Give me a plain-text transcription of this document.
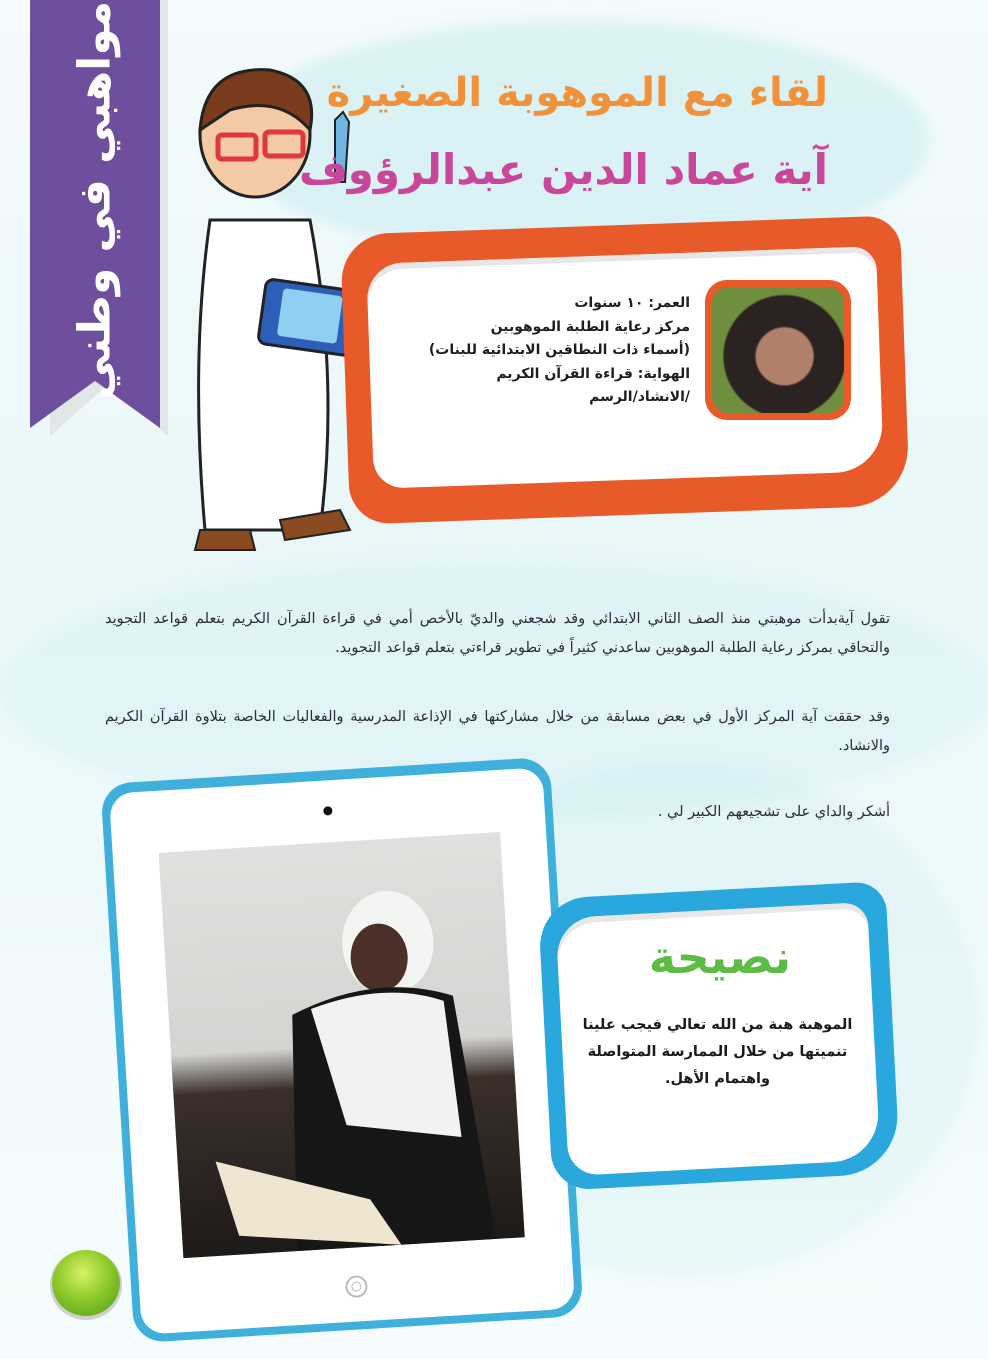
مواهبي في وطني	لقاء مع الموهوبة الصغيرة
آية عماد الدين عبدالرؤوف
العمر: ١٠ سنوات
مركز رعاية الطلبة الموهوبين
(أسماء ذات النطاقين الابتدائية للبنات)
الهواية: قراءة القرآن الكريم
/الانشاد/الرسم
تقول آيةبدأت موهبتي منذ الصف الثاني الابتدائي وقد شجعني والديّ بالأخص أمي في قراءة القرآن الكريم بتعلم قواعد التجويد والتحاقي بمركز رعاية الطلبة الموهوبين ساعدني كثيراً في تطوير قراءتي بتعلم قواعد التجويد.
وقد حققت آية المركز الأول في بعض مسابقة من خلال مشاركتها في الإذاعة المدرسية والفعاليات الخاصة بتلاوة القرآن الكريم والانشاد.
أشكر والداي على تشجيعهم الكبير لي .
نصيحة
الموهبة هبة من الله تعالي فيجب علينا تنميتها من خلال الممارسة المتواصلة واهتمام الأهل.
